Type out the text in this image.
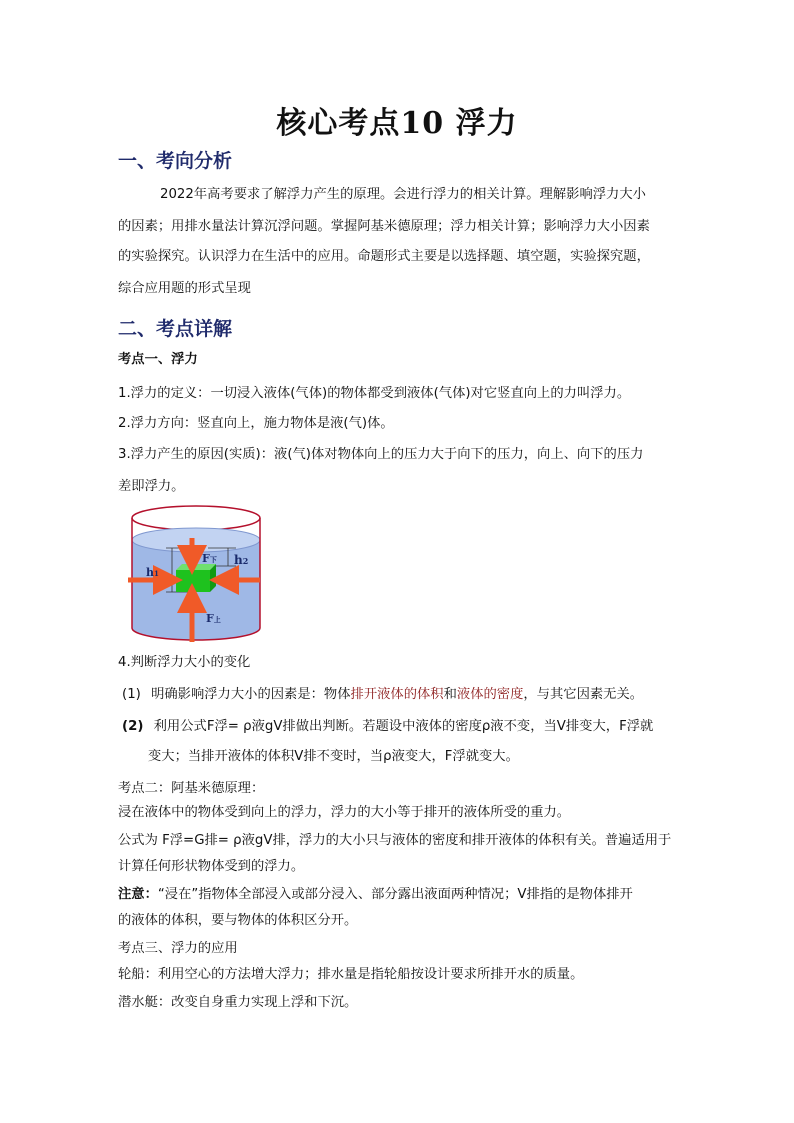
核心考点10 浮力
一、考向分析
2022年高考要求了解浮力产生的原理。会进行浮力的相关计算。理解影响浮力大小
的因素；用排水量法计算沉浮问题。掌握阿基米德原理；浮力相关计算；影响浮力大小因素
的实验探究。认识浮力在生活中的应用。命题形式主要是以选择题、填空题，实验探究题，
综合应用题的形式呈现
二、考点详解
考点一、浮力
1.浮力的定义：一切浸入液体(气体)的物体都受到液体(气体)对它竖直向上的力叫浮力。
2.浮力方向：竖直向上，施力物体是液(气)体。
3.浮力产生的原因(实质)：液(气)体对物体向上的压力大于向下的压力，向上、向下的压力
差即浮力。
F下
F上
h1
h2
4.判断浮力大小的变化
(1) 明确影响浮力大小的因素是：物体排开液体的体积和液体的密度，与其它因素无关。
(2) 利用公式F浮= ρ液gV排做出判断。若题设中液体的密度ρ液不变，当V排变大，F浮就
变大；当排开液体的体积V排不变时，当ρ液变大，F浮就变大。
考点二：阿基米德原理：
浸在液体中的物体受到向上的浮力，浮力的大小等于排开的液体所受的重力。
公式为 F浮=G排= ρ液gV排，浮力的大小只与液体的密度和排开液体的体积有关。普遍适用于
计算任何形状物体受到的浮力。
注意：“浸在”指物体全部浸入或部分浸入、部分露出液面两种情况；V排指的是物体排开
的液体的体积，要与物体的体积区分开。
考点三、浮力的应用
轮船：利用空心的方法增大浮力；排水量是指轮船按设计要求所排开水的质量。
潜水艇：改变自身重力实现上浮和下沉。
